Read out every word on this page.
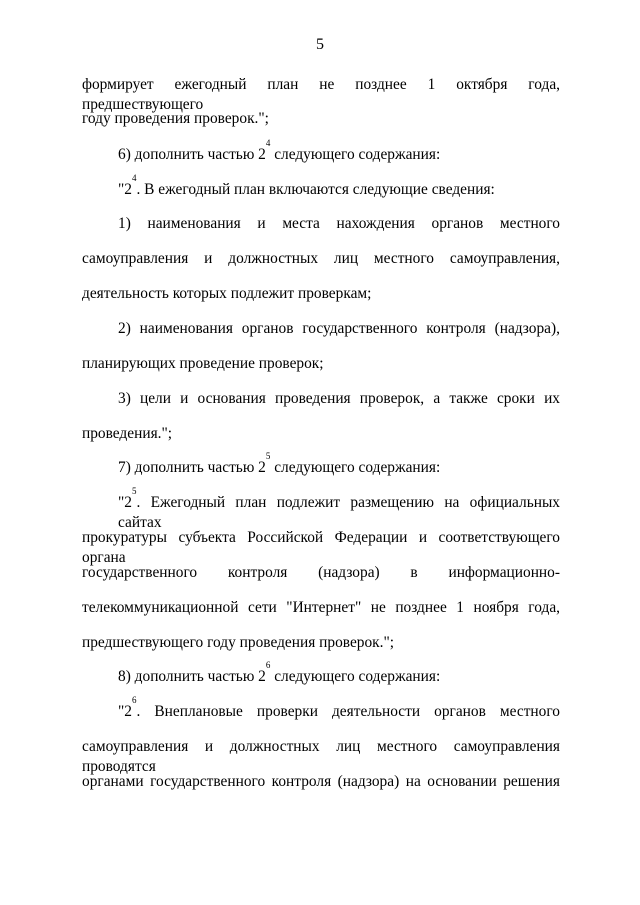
5
формирует ежегодный план не позднее 1 октября года, предшествующего
году проведения проверок.";
6) дополнить частью $2^4$ следующего содержания:
"$2^4$. В ежегодный план включаются следующие сведения:
1) наименования и места нахождения органов местного
самоуправления и должностных лиц местного самоуправления,
деятельность которых подлежит проверкам;
2) наименования органов государственного контроля (надзора),
планирующих проведение проверок;
3) цели и основания проведения проверок, а также сроки их
проведения.";
7) дополнить частью $2^5$ следующего содержания:
"$2^5$. Ежегодный план подлежит размещению на официальных сайтах
прокуратуры субъекта Российской Федерации и соответствующего органа
государственного контроля (надзора) в информационно-
телекоммуникационной сети "Интернет" не позднее 1 ноября года,
предшествующего году проведения проверок.";
8) дополнить частью $2^6$ следующего содержания:
"$2^6$. Внеплановые проверки деятельности органов местного
самоуправления и должностных лиц местного самоуправления проводятся
органами государственного контроля (надзора) на основании решения
